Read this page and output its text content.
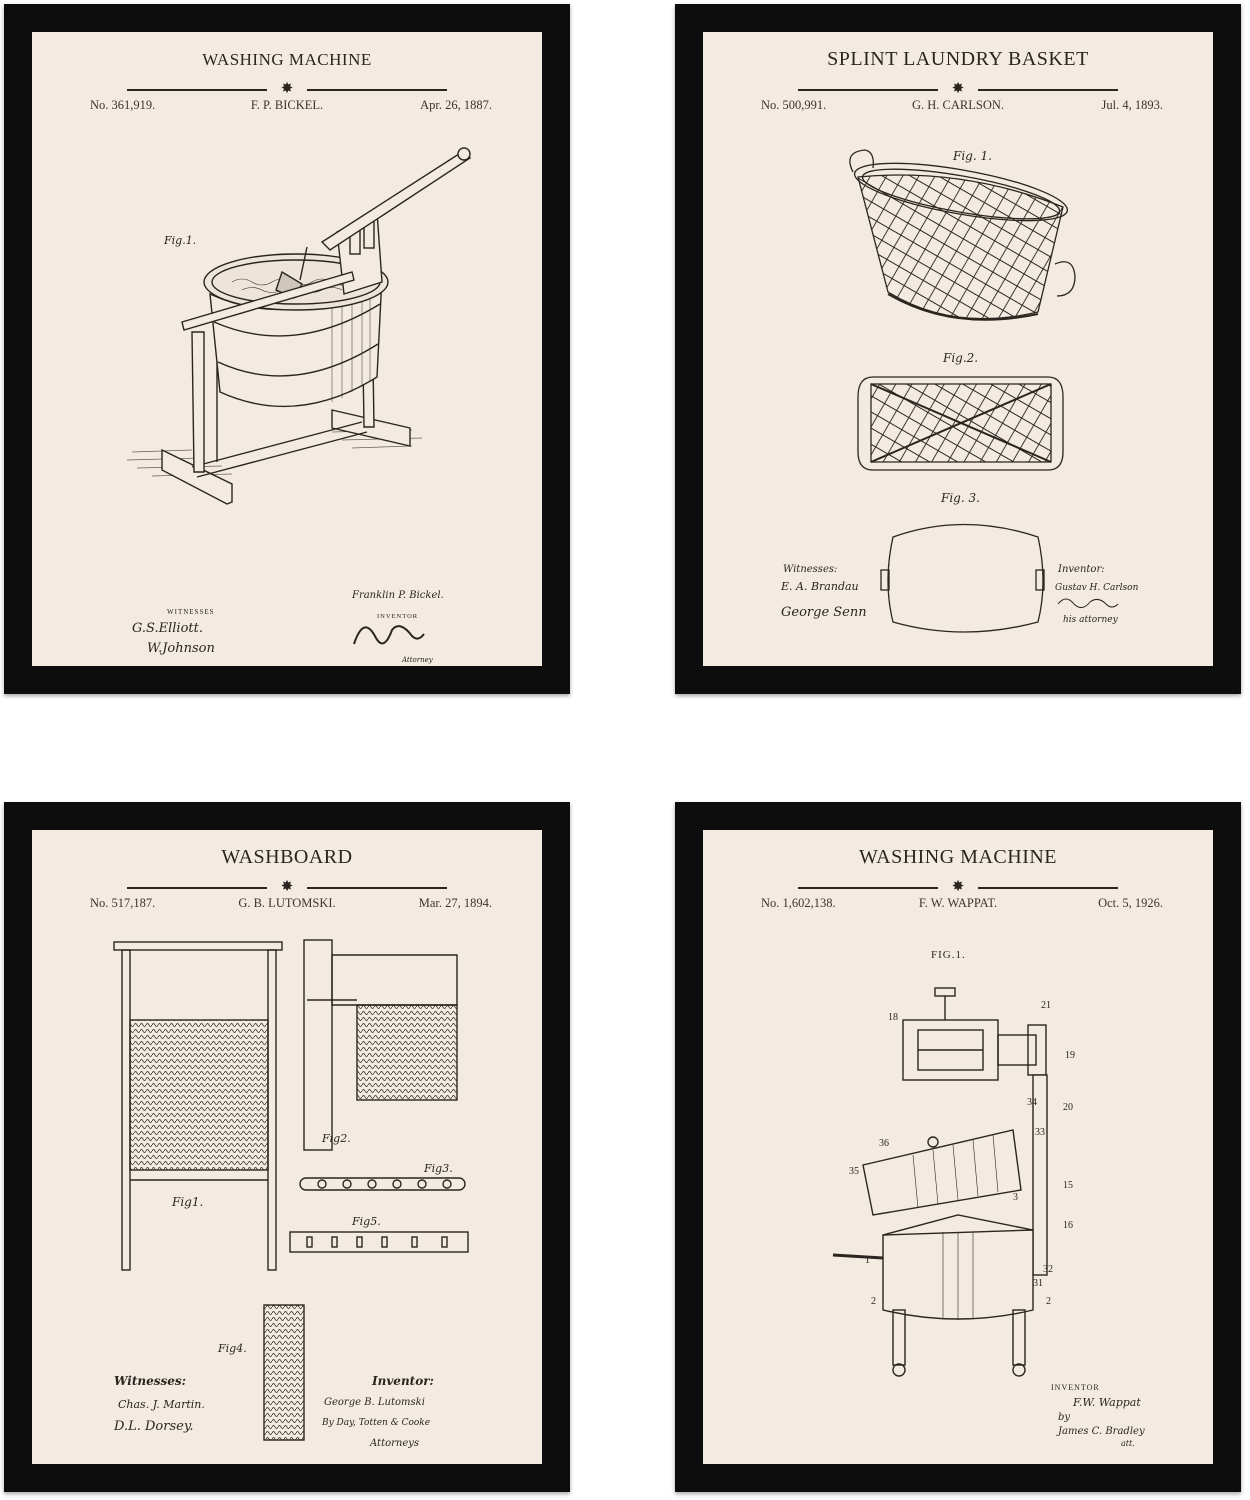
WASHING MACHINE
✸
No. 361,919.	F. P. BICKEL.	Apr. 26, 1887.
Fig.1.
WITNESSES
G.S.Elliott.
W.Johnson
Franklin P. Bickel.
INVENTOR
Attorney
SPLINT LAUNDRY BASKET
✸
No. 500,991.	G. H. CARLSON.	Jul. 4, 1893.
Fig. 1.
Fig.2.
Fig. 3.
Witnesses:
E. A. Brandau
George Senn
Inventor:
Gustav H. Carlson
his attorney
WASHBOARD
✸
No. 517,187.	G. B. LUTOMSKI.	Mar. 27, 1894.
Fig1.
Fig2.
Fig3.
Fig5.
Fig4.
Witnesses:
Chas. J. Martin.
D.L. Dorsey.
Inventor:
George B. Lutomski
By Day, Totten & Cooke
Attorneys
WASHING MACHINE
✸
No. 1,602,138.	F. W. WAPPAT.	Oct. 5, 1926.
FIG.1.
18
21
19
34	20
33
36
35
3
15
16
1
32
31
2	2
INVENTOR
F.W. Wappat
by
James C. Bradley
att.
